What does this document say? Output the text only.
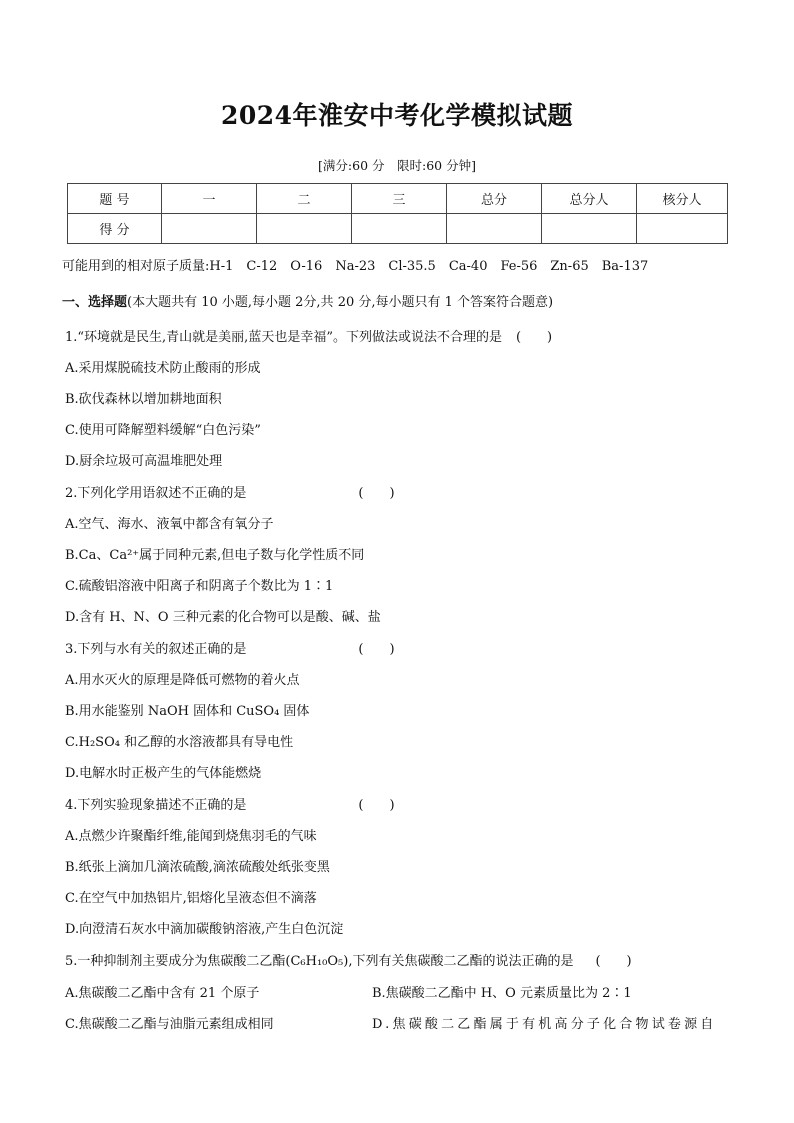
2024年淮安中考化学模拟试题
[满分:60 分　限时:60 分钟]
题 号	一	二	三	总分	总分人	核分人
得 分						
可能用到的相对原子质量:H-1　C-12　O-16　Na-23　Cl-35.5　Ca-40　Fe-56　Zn-65　Ba-137
一、选择题(本大题共有 10 小题,每小题 2分,共 20 分,每小题只有 1 个答案符合题意)
1.“环境就是民生,青山就是美丽,蓝天也是幸福”。下列做法或说法不合理的是 (　　)
A.采用煤脱硫技术防止酸雨的形成
B.砍伐森林以增加耕地面积
C.使用可降解塑料缓解“白色污染”
D.厨余垃圾可高温堆肥处理
2.下列化学用语叙述不正确的是	(　　)
A.空气、海水、液氧中都含有氧分子
B.Ca、Ca²⁺属于同种元素,但电子数与化学性质不同
C.硫酸铝溶液中阳离子和阴离子个数比为 1∶1
D.含有 H、N、O 三种元素的化合物可以是酸、碱、盐
3.下列与水有关的叙述正确的是	(　　)
A.用水灭火的原理是降低可燃物的着火点
B.用水能鉴别 NaOH 固体和 CuSO₄ 固体
C.H₂SO₄ 和乙醇的水溶液都具有导电性
D.电解水时正极产生的气体能燃烧
4.下列实验现象描述不正确的是	(　　)
A.点燃少许聚酯纤维,能闻到烧焦羽毛的气味
B.纸张上滴加几滴浓硫酸,滴浓硫酸处纸张变黑
C.在空气中加热铝片,铝熔化呈液态但不滴落
D.向澄清石灰水中滴加碳酸钠溶液,产生白色沉淀
5.一种抑制剂主要成分为焦碳酸二乙酯(C₆H₁₀O₅),下列有关焦碳酸二乙酯的说法正确的是 (　　)
A.焦碳酸二乙酯中含有 21 个原子	B.焦碳酸二乙酯中 H、O 元素质量比为 2∶1
C.焦碳酸二乙酯与油脂元素组成相同	D.焦碳酸二乙酯属于有机高分子化合物试卷源自
